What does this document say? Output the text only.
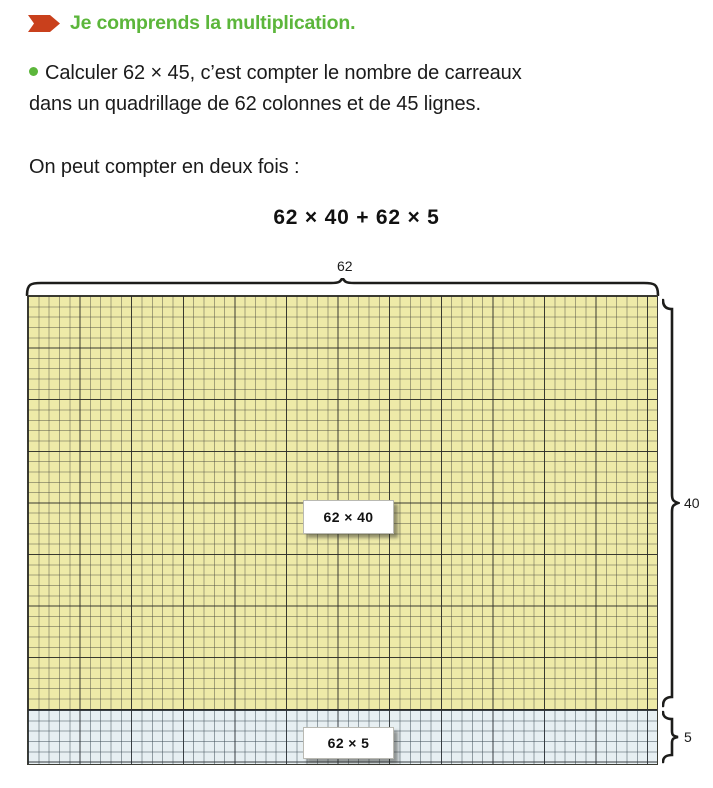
Je comprends la multiplication.
Calculer 62 × 45, c’est compter le nombre de carreaux
dans un quadrillage de 62 colonnes et de 45 lignes.
On peut compter en deux fois :
62 × 40 + 62 × 5
62
40
5
62 × 40
62 × 5
